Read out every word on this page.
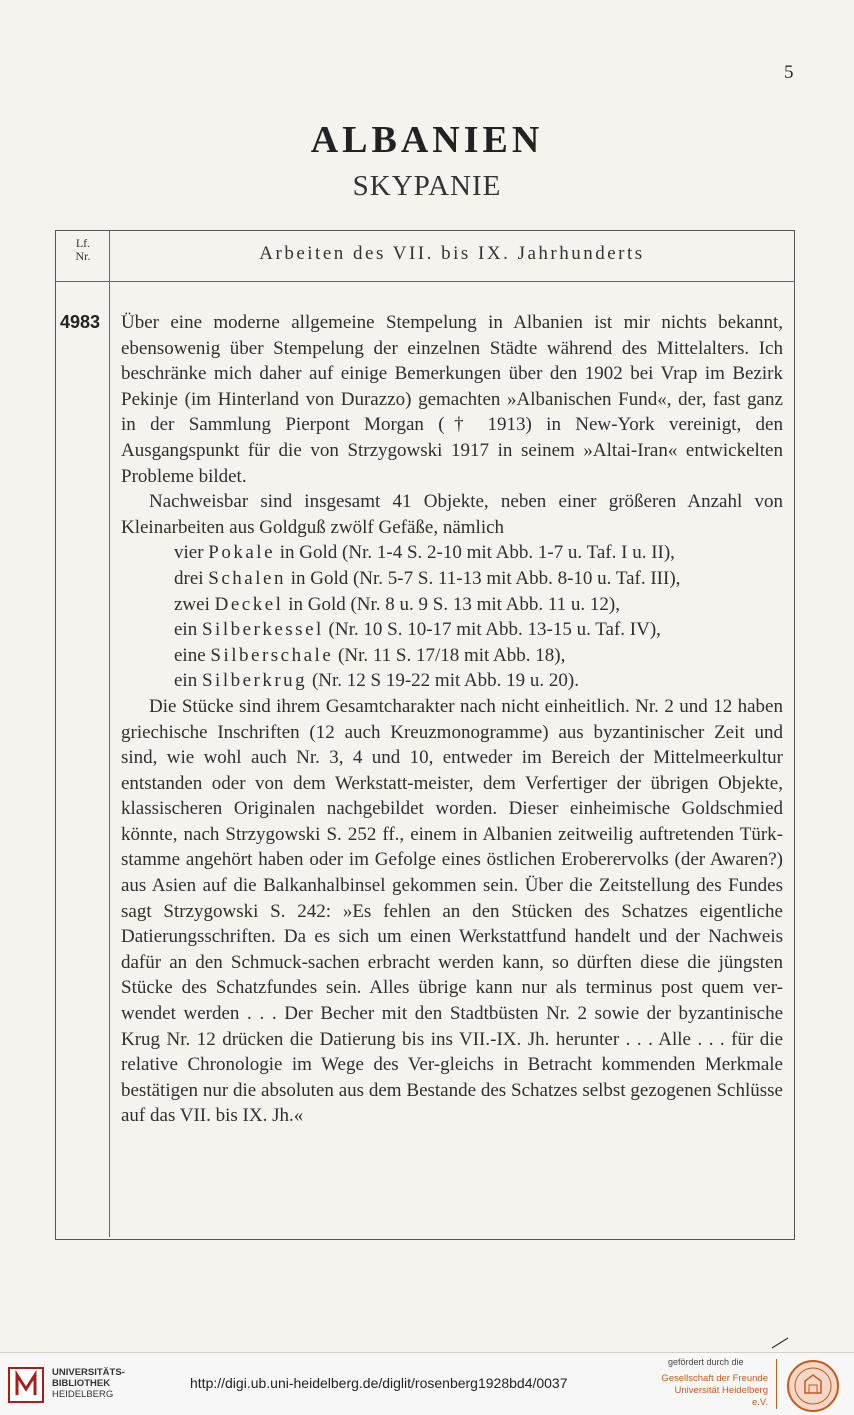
5
ALBANIEN
SKYPANIE
Lf.
Nr.	Arbeiten des VII. bis IX. Jahrhunderts
4983 Über eine moderne allgemeine Stempelung in Albanien ist mir nichts bekannt, ebensowenig über Stempelung der einzelnen Städte während des Mittelalters. Ich beschränke mich daher auf einige Bemerkungen über den 1902 bei Vrap im Bezirk Pekinje (im Hinterland von Durazzo) gemachten »Albanischen Fund«, der, fast ganz in der Sammlung Pierpont Morgan († 1913) in New-York vereinigt, den Ausgangspunkt für die von Strzygowski 1917 in seinem »Altai-Iran« entwickelten Probleme bildet.

Nachweisbar sind insgesamt 41 Objekte, neben einer größeren Anzahl von Kleinarbeiten aus Goldguß zwölf Gefäße, nämlich

vier Pokale in Gold (Nr. 1-4 S. 2-10 mit Abb. 1-7 u. Taf. I u. II),
drei Schalen in Gold (Nr. 5-7 S. 11-13 mit Abb. 8-10 u. Taf. III),
zwei Deckel in Gold (Nr. 8 u. 9 S. 13 mit Abb. 11 u. 12),
ein Silberkessel (Nr. 10 S. 10-17 mit Abb. 13-15 u. Taf. IV),
eine Silberschale (Nr. 11 S. 17/18 mit Abb. 18),
ein Silberkrug (Nr. 12 S 19-22 mit Abb. 19 u. 20).

Die Stücke sind ihrem Gesamtcharakter nach nicht einheitlich. Nr. 2 und 12 haben griechische Inschriften (12 auch Kreuzmonogramme) aus byzantinischer Zeit und sind, wie wohl auch Nr. 3, 4 und 10, entweder im Bereich der Mittelmeerkultur entstanden oder von dem Werkstatt-meister, dem Verfertiger der übrigen Objekte, klassischeren Originalen nachgebildet worden. Dieser einheimische Goldschmied könnte, nach Strzygowski S. 252 ff., einem in Albanien zeitweilig auftretenden Türk-stamme angehört haben oder im Gefolge eines östlichen Eroberervolks (der Awaren?) aus Asien auf die Balkanhalbinsel gekommen sein. Über die Zeitstellung des Fundes sagt Strzygowski S. 242: »Es fehlen an den Stücken des Schatzes eigentliche Datierungsschriften. Da es sich um einen Werkstattfund handelt und der Nachweis dafür an den Schmuck-sachen erbracht werden kann, so dürften diese die jüngsten Stücke des Schatzfundes sein. Alles übrige kann nur als terminus post quem ver-wendet werden . . . Der Becher mit den Stadtbüsten Nr. 2 sowie der byzantinische Krug Nr. 12 drücken die Datierung bis ins VII.-IX. Jh. herunter . . . Alle . . . für die relative Chronologie im Wege des Ver-gleichs in Betracht kommenden Merkmale bestätigen nur die absoluten aus dem Bestande des Schatzes selbst gezogenen Schlüsse auf das VII. bis IX. Jh.«

UNIVERSITÄTS-
BIBLIOTHEK
HEIDELBERG
http://digi.ub.uni-heidelberg.de/diglit/rosenberg1928bd4/0037
gefördert durch die
Gesellschaft der Freunde
Universität Heidelberg e.V.
